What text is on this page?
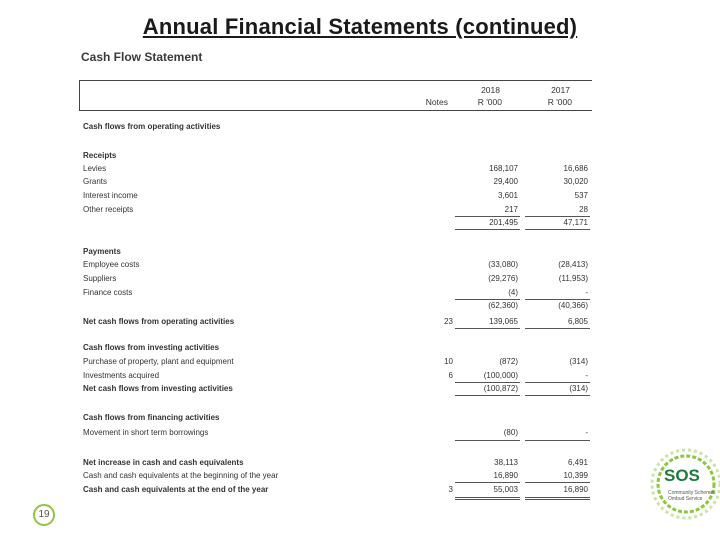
Annual Financial Statements (continued)
Cash Flow Statement
2018	2017
Notes	R '000	R '000
Cash flows from operating activities
Receipts
Levies	168,107	16,686
Grants	29,400	30,020
Interest income	3,601	537
Other receipts	217	28
201,495	47,171
Payments
Employee costs	(33,080)	(28,413)
Suppliers	(29,276)	(11,953)
Finance costs	(4)	-
(62,360)	(40,366)
Net cash flows from operating activities	23	139,065	6,805
Cash flows from investing activities
Purchase of property, plant and equipment	10	(872)	(314)
Investments acquired	6	(100,000)	-
Net cash flows from investing activities	(100,872)	(314)
Cash flows from financing activities
Movement in short term borrowings	(80)	-
Net increase in cash and cash equivalents	38,113	6,491
Cash and cash equivalents at the beginning of the year	16,890	10,399
Cash and cash equivalents at the end of the year	3	55,003	16,890
19
SOS
Community Schemes Ombud Service
